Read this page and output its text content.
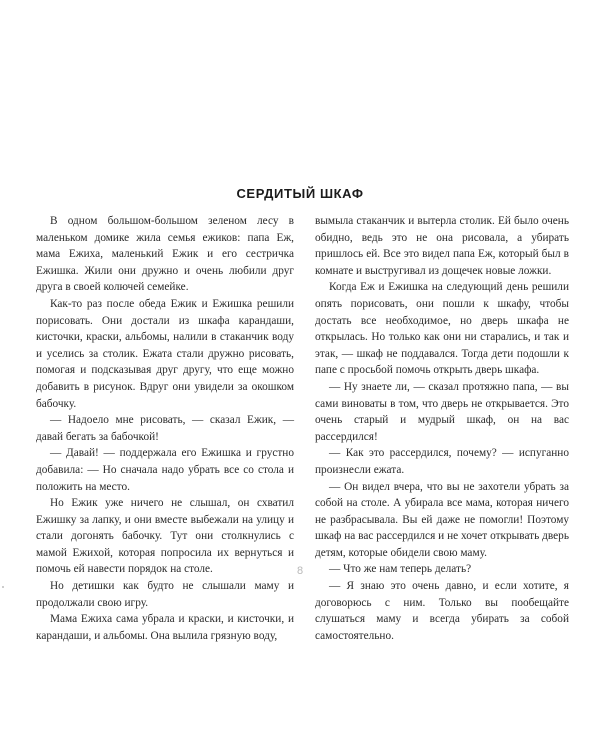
СЕРДИТЫЙ ШКАФ

В одном большом-большом зеленом лесу в маленьком домике жила семья ежиков: папа Еж, мама Ежиха, маленький Ежик и его сестричка Ежишка. Жили они дружно и очень любили друг друга в своей колючей семейке.

Как-то раз после обеда Ежик и Ежишка решили порисовать. Они достали из шкафа карандаши, кисточки, краски, альбомы, налили в стаканчик воду и уселись за столик. Ежата стали дружно рисовать, помогая и подсказывая друг другу, что еще можно добавить в рисунок. Вдруг они увидели за окошком бабочку.

— Надоело мне рисовать, — сказал Ежик, — давай бегать за бабочкой!

— Давай! — поддержала его Ежишка и грустно добавила: — Но сначала надо убрать все со стола и положить на место.

Но Ежик уже ничего не слышал, он схватил Ежишку за лапку, и они вместе выбежали на улицу и стали догонять бабочку. Тут они столкнулись с мамой Ежихой, которая попросила их вернуться и помочь ей навести порядок на столе.

Но детишки как будто не слышали маму и продолжали свою игру.

Мама Ежиха сама убрала и краски, и кисточки, и карандаши, и альбомы. Она вылила грязную воду,

вымыла стаканчик и вытерла столик. Ей было очень обидно, ведь это не она рисовала, а убирать пришлось ей. Все это видел папа Еж, который был в комнате и выстругивал из дощечек новые ложки.

Когда Еж и Ежишка на следующий день решили опять порисовать, они пошли к шкафу, чтобы достать все необходимое, но дверь шкафа не открылась. Но только как они ни старались, и так и этак, — шкаф не поддавался. Тогда дети подошли к папе с просьбой помочь открыть дверь шкафа.

— Ну знаете ли, — сказал протяжно папа, — вы сами виноваты в том, что дверь не открывается. Это очень старый и мудрый шкаф, он на вас рассердился!

— Как это рассердился, почему? — испуганно произнесли ежата.

— Он видел вчера, что вы не захотели убрать за собой на столе. А убирала все мама, которая ничего не разбрасывала. Вы ей даже не помогли! Поэтому шкаф на вас рассердился и не хочет открывать дверь детям, которые обидели свою маму.

— Что же нам теперь делать?

— Я знаю это очень давно, и если хотите, я договорюсь с ним. Только вы пообещайте слушаться маму и всегда убирать за собой самостоятельно.

8
